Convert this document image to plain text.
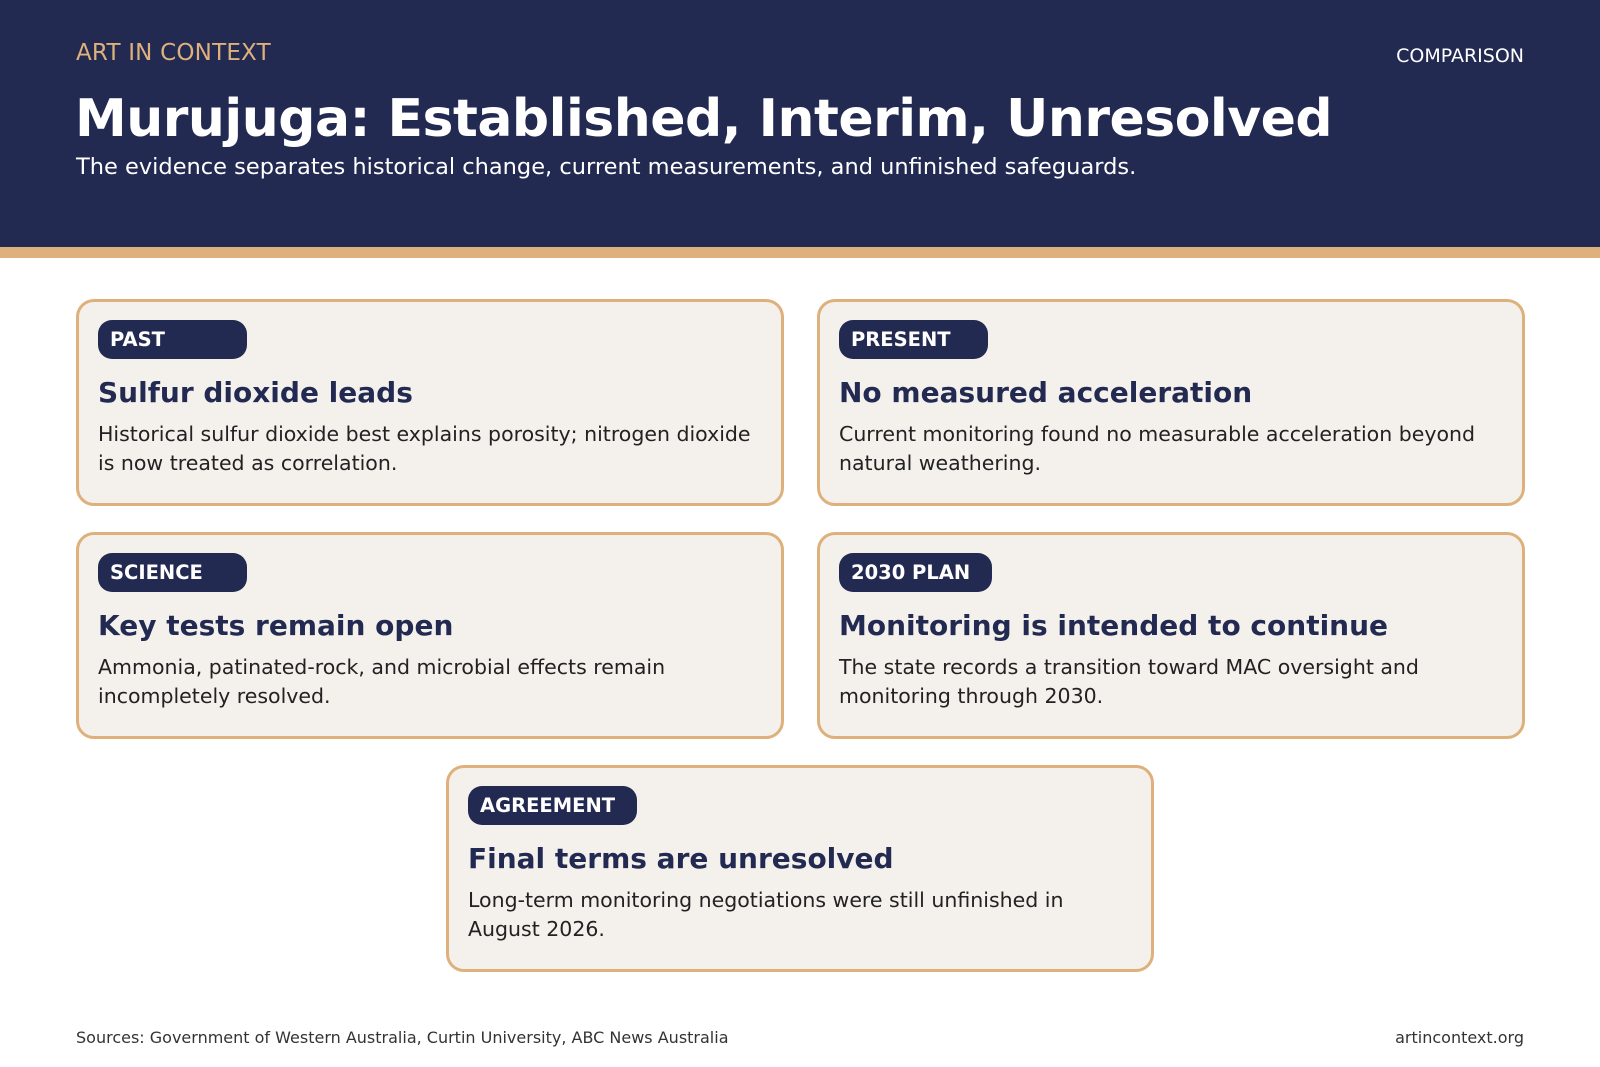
ART IN CONTEXT	COMPARISON
Murujuga: Established, Interim, Unresolved
The evidence separates historical change, current measurements, and unfinished safeguards.
PAST
Sulfur dioxide leads

Historical sulfur dioxide best explains porosity; nitrogen dioxide is now treated as correlation.

PRESENT
No measured acceleration

Current monitoring found no measurable acceleration beyond natural weathering.

SCIENCE
Key tests remain open

Ammonia, patinated-rock, and microbial effects remain incompletely resolved.

2030 PLAN
Monitoring is intended to continue

The state records a transition toward MAC oversight and monitoring through 2030.

AGREEMENT
Final terms are unresolved

Long-term monitoring negotiations were still unfinished in August 2026.

Sources: Government of Western Australia, Curtin University, ABC News Australia	artincontext.org
